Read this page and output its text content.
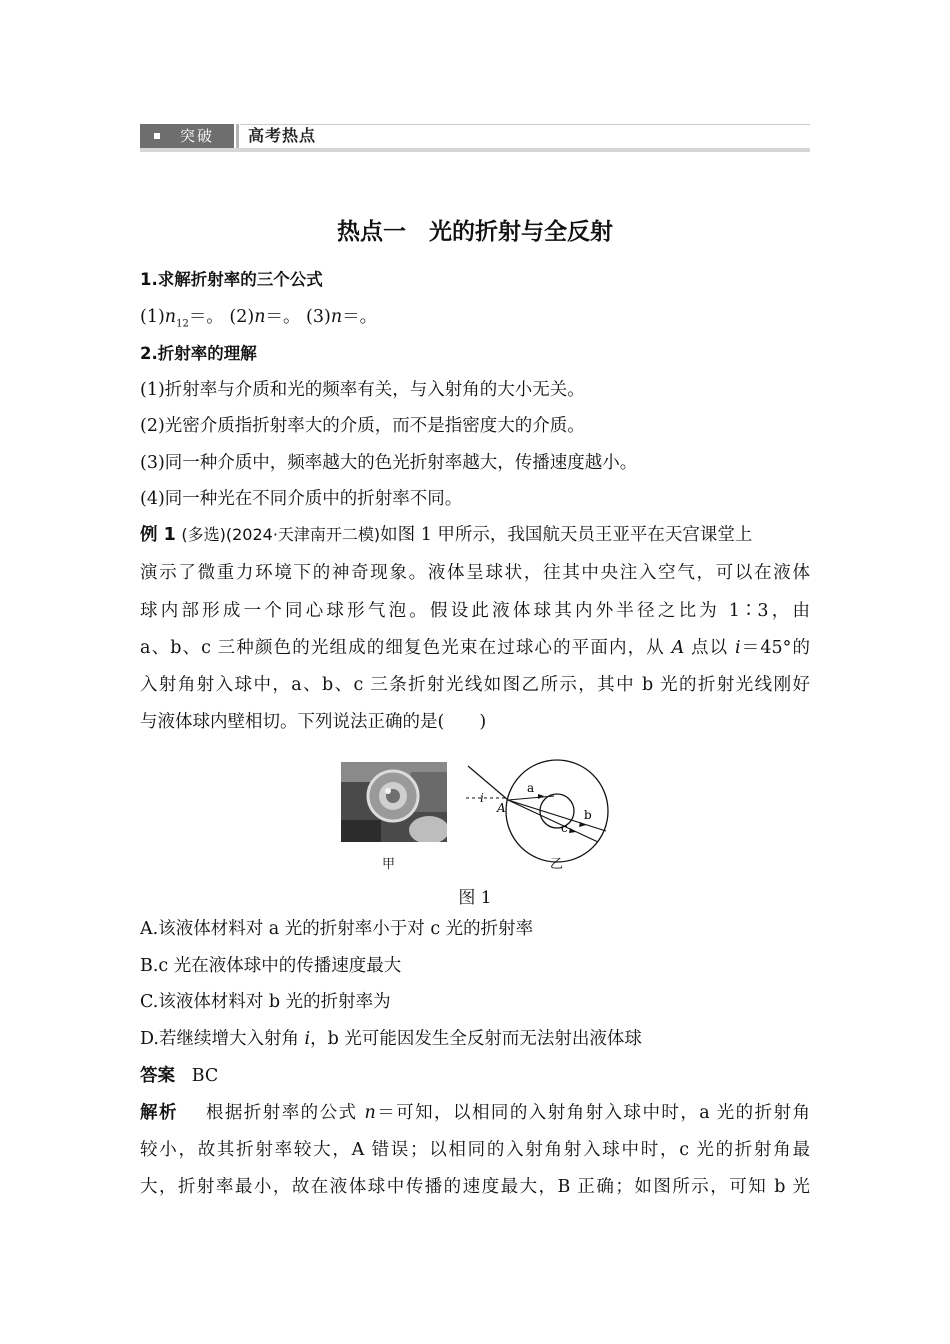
突破 高考热点
热点一　光的折射与全反射
1.求解折射率的三个公式
$(1)n_{12}=$。 (2)n＝。 (3)n＝。
2.折射率的理解
(1)折射率与介质和光的频率有关，与入射角的大小无关。
(2)光密介质指折射率大的介质，而不是指密度大的介质。
(3)同一种介质中，频率越大的色光折射率越大，传播速度越小。
(4)同一种光在不同介质中的折射率不同。
例 1 (多选)(2024·天津南开二模)如图 1 甲所示，我国航天员王亚平在天宫课堂上
演示了微重力环境下的神奇现象。液体呈球状，往其中央注入空气，可以在液体
球内部形成一个同心球形气泡。假设此液体球其内外半径之比为 1∶3，由
a、b、c 三种颜色的光组成的细复色光束在过球心的平面内，从 A 点以 i＝45°的
入射角射入球中，a、b、c 三条折射光线如图乙所示，其中 b 光的折射光线刚好
与液体球内壁相切。下列说法正确的是(　　)
甲
i
A
a
b
c
乙
图 1
A.该液体材料对 a 光的折射率小于对 c 光的折射率
B.c 光在液体球中的传播速度最大
C.该液体材料对 b 光的折射率为
D.若继续增大入射角 i，b 光可能因发生全反射而无法射出液体球
答案 BC
解析 根据折射率的公式 n＝可知，以相同的入射角射入球中时，a 光的折射角
较小，故其折射率较大，A 错误；以相同的入射角射入球中时，c 光的折射角最
大，折射率最小，故在液体球中传播的速度最大，B 正确；如图所示，可知 b 光
